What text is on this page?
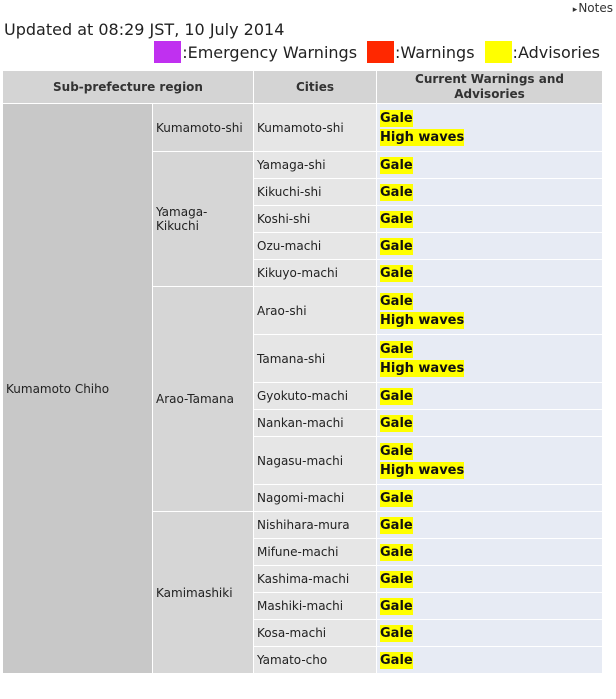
▸Notes
Updated at 08:29 JST, 10 July 2014
:Emergency Warnings :Warnings :Advisories
Sub-prefecture region		Cities	Current Warnings and Advisories
Kumamoto Chiho	Kumamoto-shi	Kumamoto-shi	Gale
High waves

	Yamaga-Kikuchi	Yamaga-shi	Gale

		Kikuchi-shi	Gale

		Koshi-shi	Gale

		Ozu-machi	Gale

		Kikuyo-machi	Gale

	Arao-Tamana	Arao-shi	Gale
High waves

		Tamana-shi	Gale
High waves

		Gyokuto-machi	Gale

		Nankan-machi	Gale

		Nagasu-machi	Gale
High waves

		Nagomi-machi	Gale

	Kamimashiki	Nishihara-mura	Gale

		Mifune-machi	Gale

		Kashima-machi	Gale

		Mashiki-machi	Gale

		Kosa-machi	Gale

		Yamato-cho	Gale
